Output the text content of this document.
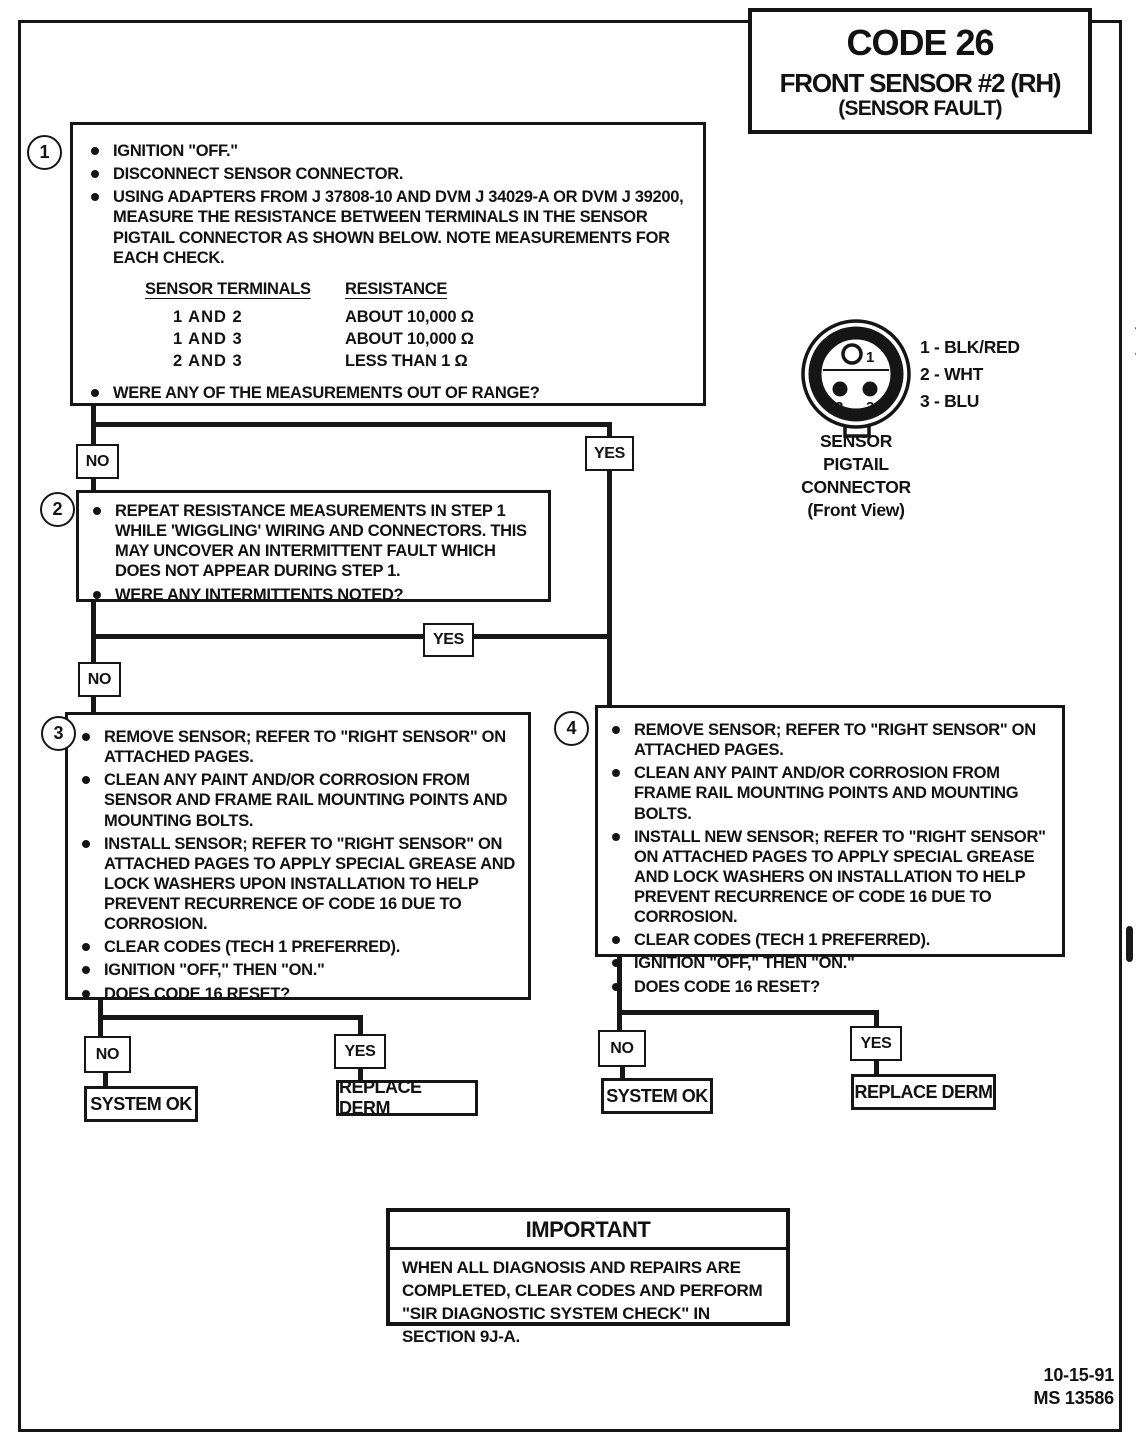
CODE 26
FRONT SENSOR #2 (RH)
(SENSOR FAULT)
1	IGNITION "OFF."
DISCONNECT SENSOR CONNECTOR.
USING ADAPTERS FROM J 37808-10 AND DVM J 34029-A OR DVM J 39200, MEASURE THE RESISTANCE BETWEEN TERMINALS IN THE SENSOR PIGTAIL CONNECTOR AS SHOWN BELOW. NOTE MEASUREMENTS FOR EACH CHECK.
SENSOR TERMINALS	RESISTANCE
1 AND 2	ABOUT 10,000 Ω
1 AND 3	ABOUT 10,000 Ω
2 AND 3	LESS THAN 1 Ω
WERE ANY OF THE MEASUREMENTS OUT OF RANGE?
1
2 3
1 - BLK/RED
2 - WHT
3 - BLU
SENSOR
PIGTAIL
CONNECTOR
(Front View)
NO	YES
2	REPEAT RESISTANCE MEASUREMENTS IN STEP 1 WHILE 'WIGGLING' WIRING AND CONNECTORS. THIS MAY UNCOVER AN INTERMITTENT FAULT WHICH DOES NOT APPEAR DURING STEP 1.
WERE ANY INTERMITTENTS NOTED?
YES
NO
3 REMOVE SENSOR; REFER TO "RIGHT SENSOR" ON ATTACHED PAGES.
CLEAN ANY PAINT AND/OR CORROSION FROM SENSOR AND FRAME RAIL MOUNTING POINTS AND MOUNTING BOLTS.
INSTALL SENSOR; REFER TO "RIGHT SENSOR" ON ATTACHED PAGES TO APPLY SPECIAL GREASE AND LOCK WASHERS UPON INSTALLATION TO HELP PREVENT RECURRENCE OF CODE 16 DUE TO CORROSION.
CLEAR CODES (TECH 1 PREFERRED).
IGNITION "OFF," THEN "ON."
DOES CODE 16 RESET?
4	REMOVE SENSOR; REFER TO "RIGHT SENSOR" ON ATTACHED PAGES.
CLEAN ANY PAINT AND/OR CORROSION FROM FRAME RAIL MOUNTING POINTS AND MOUNTING BOLTS.
INSTALL NEW SENSOR; REFER TO "RIGHT SENSOR" ON ATTACHED PAGES TO APPLY SPECIAL GREASE AND LOCK WASHERS ON INSTALLATION TO HELP PREVENT RECURRENCE OF CODE 16 DUE TO CORROSION.
CLEAR CODES (TECH 1 PREFERRED).
IGNITION "OFF," THEN "ON."
DOES CODE 16 RESET?
NO	YES
SYSTEM OK
REPLACE DERM
NO	YES
SYSTEM OK	REPLACE DERM
IMPORTANT
WHEN ALL DIAGNOSIS AND REPAIRS ARE COMPLETED, CLEAR CODES AND PERFORM "SIR DIAGNOSTIC SYSTEM CHECK" IN SECTION 9J-A.
10-15-91
MS 13586
